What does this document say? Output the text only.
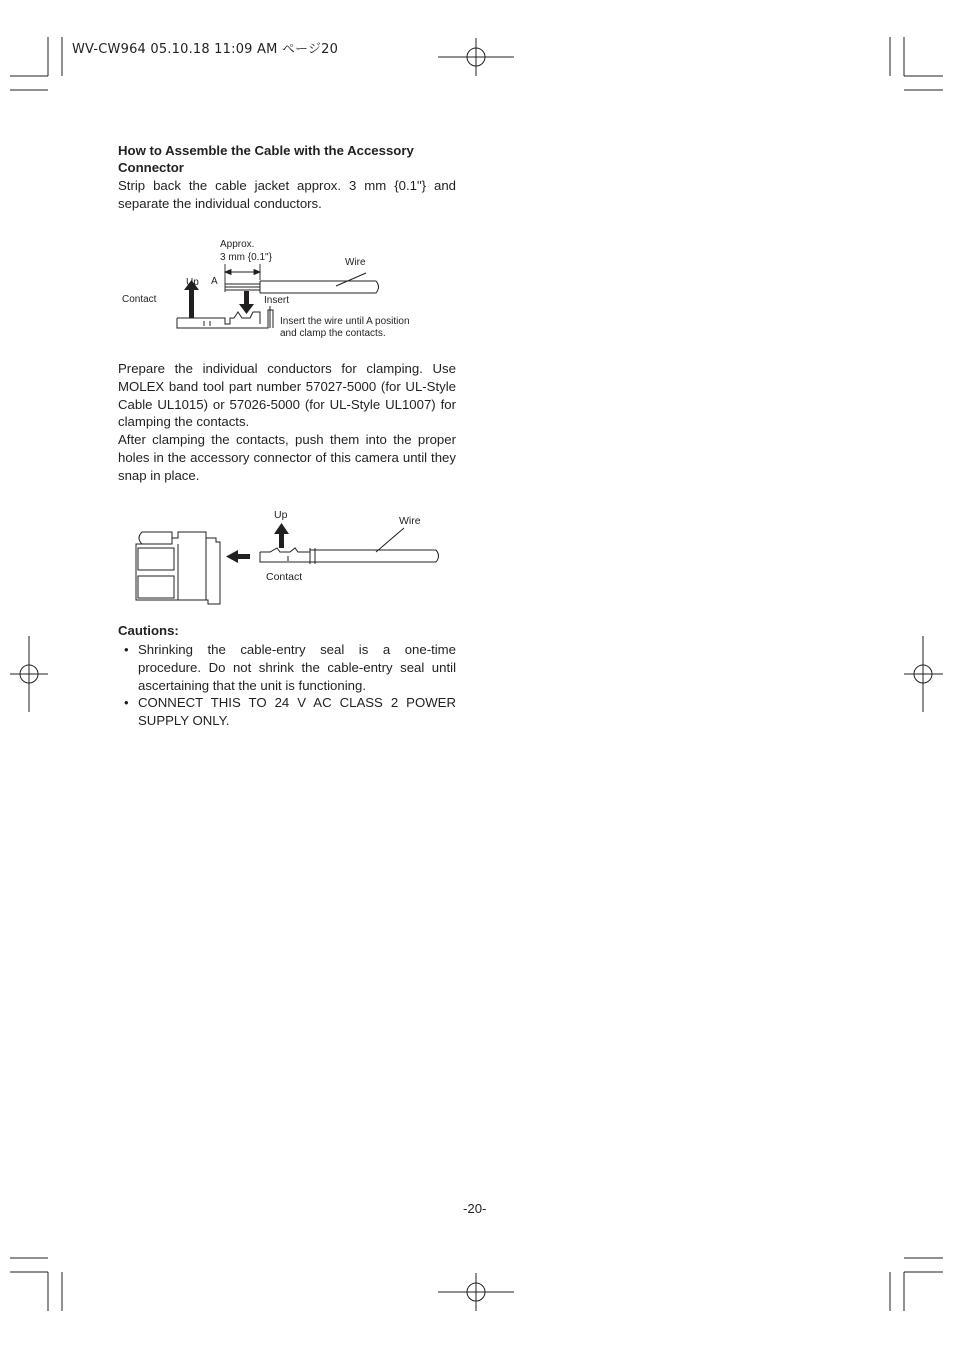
WV-CW964 05.10.18 11:09 AM ページ20
How to Assemble the Cable with the Accessory Connector
Strip back the cable jacket approx. 3 mm {0.1"} and separate the individual conductors.
Approx.
3 mm {0.1"}	Wire
Up A
Insert
Contact
Insert the wire until A position
and clamp the contacts.
Prepare the individual conductors for clamping. Use MOLEX band tool part number 57027-5000 (for UL-Style Cable UL1015) or 57026-5000 (for UL-Style UL1007) for clamping the contacts.
After clamping the contacts, push them into the proper holes in the accessory connector of this camera until they snap in place.
Up	Wire
Contact
Cautions:
• Shrinking the cable-entry seal is a one-time procedure. Do not shrink the cable-entry seal until ascertaining that the unit is functioning.
• CONNECT THIS TO 24 V AC CLASS 2 POWER SUPPLY ONLY.
-20-
